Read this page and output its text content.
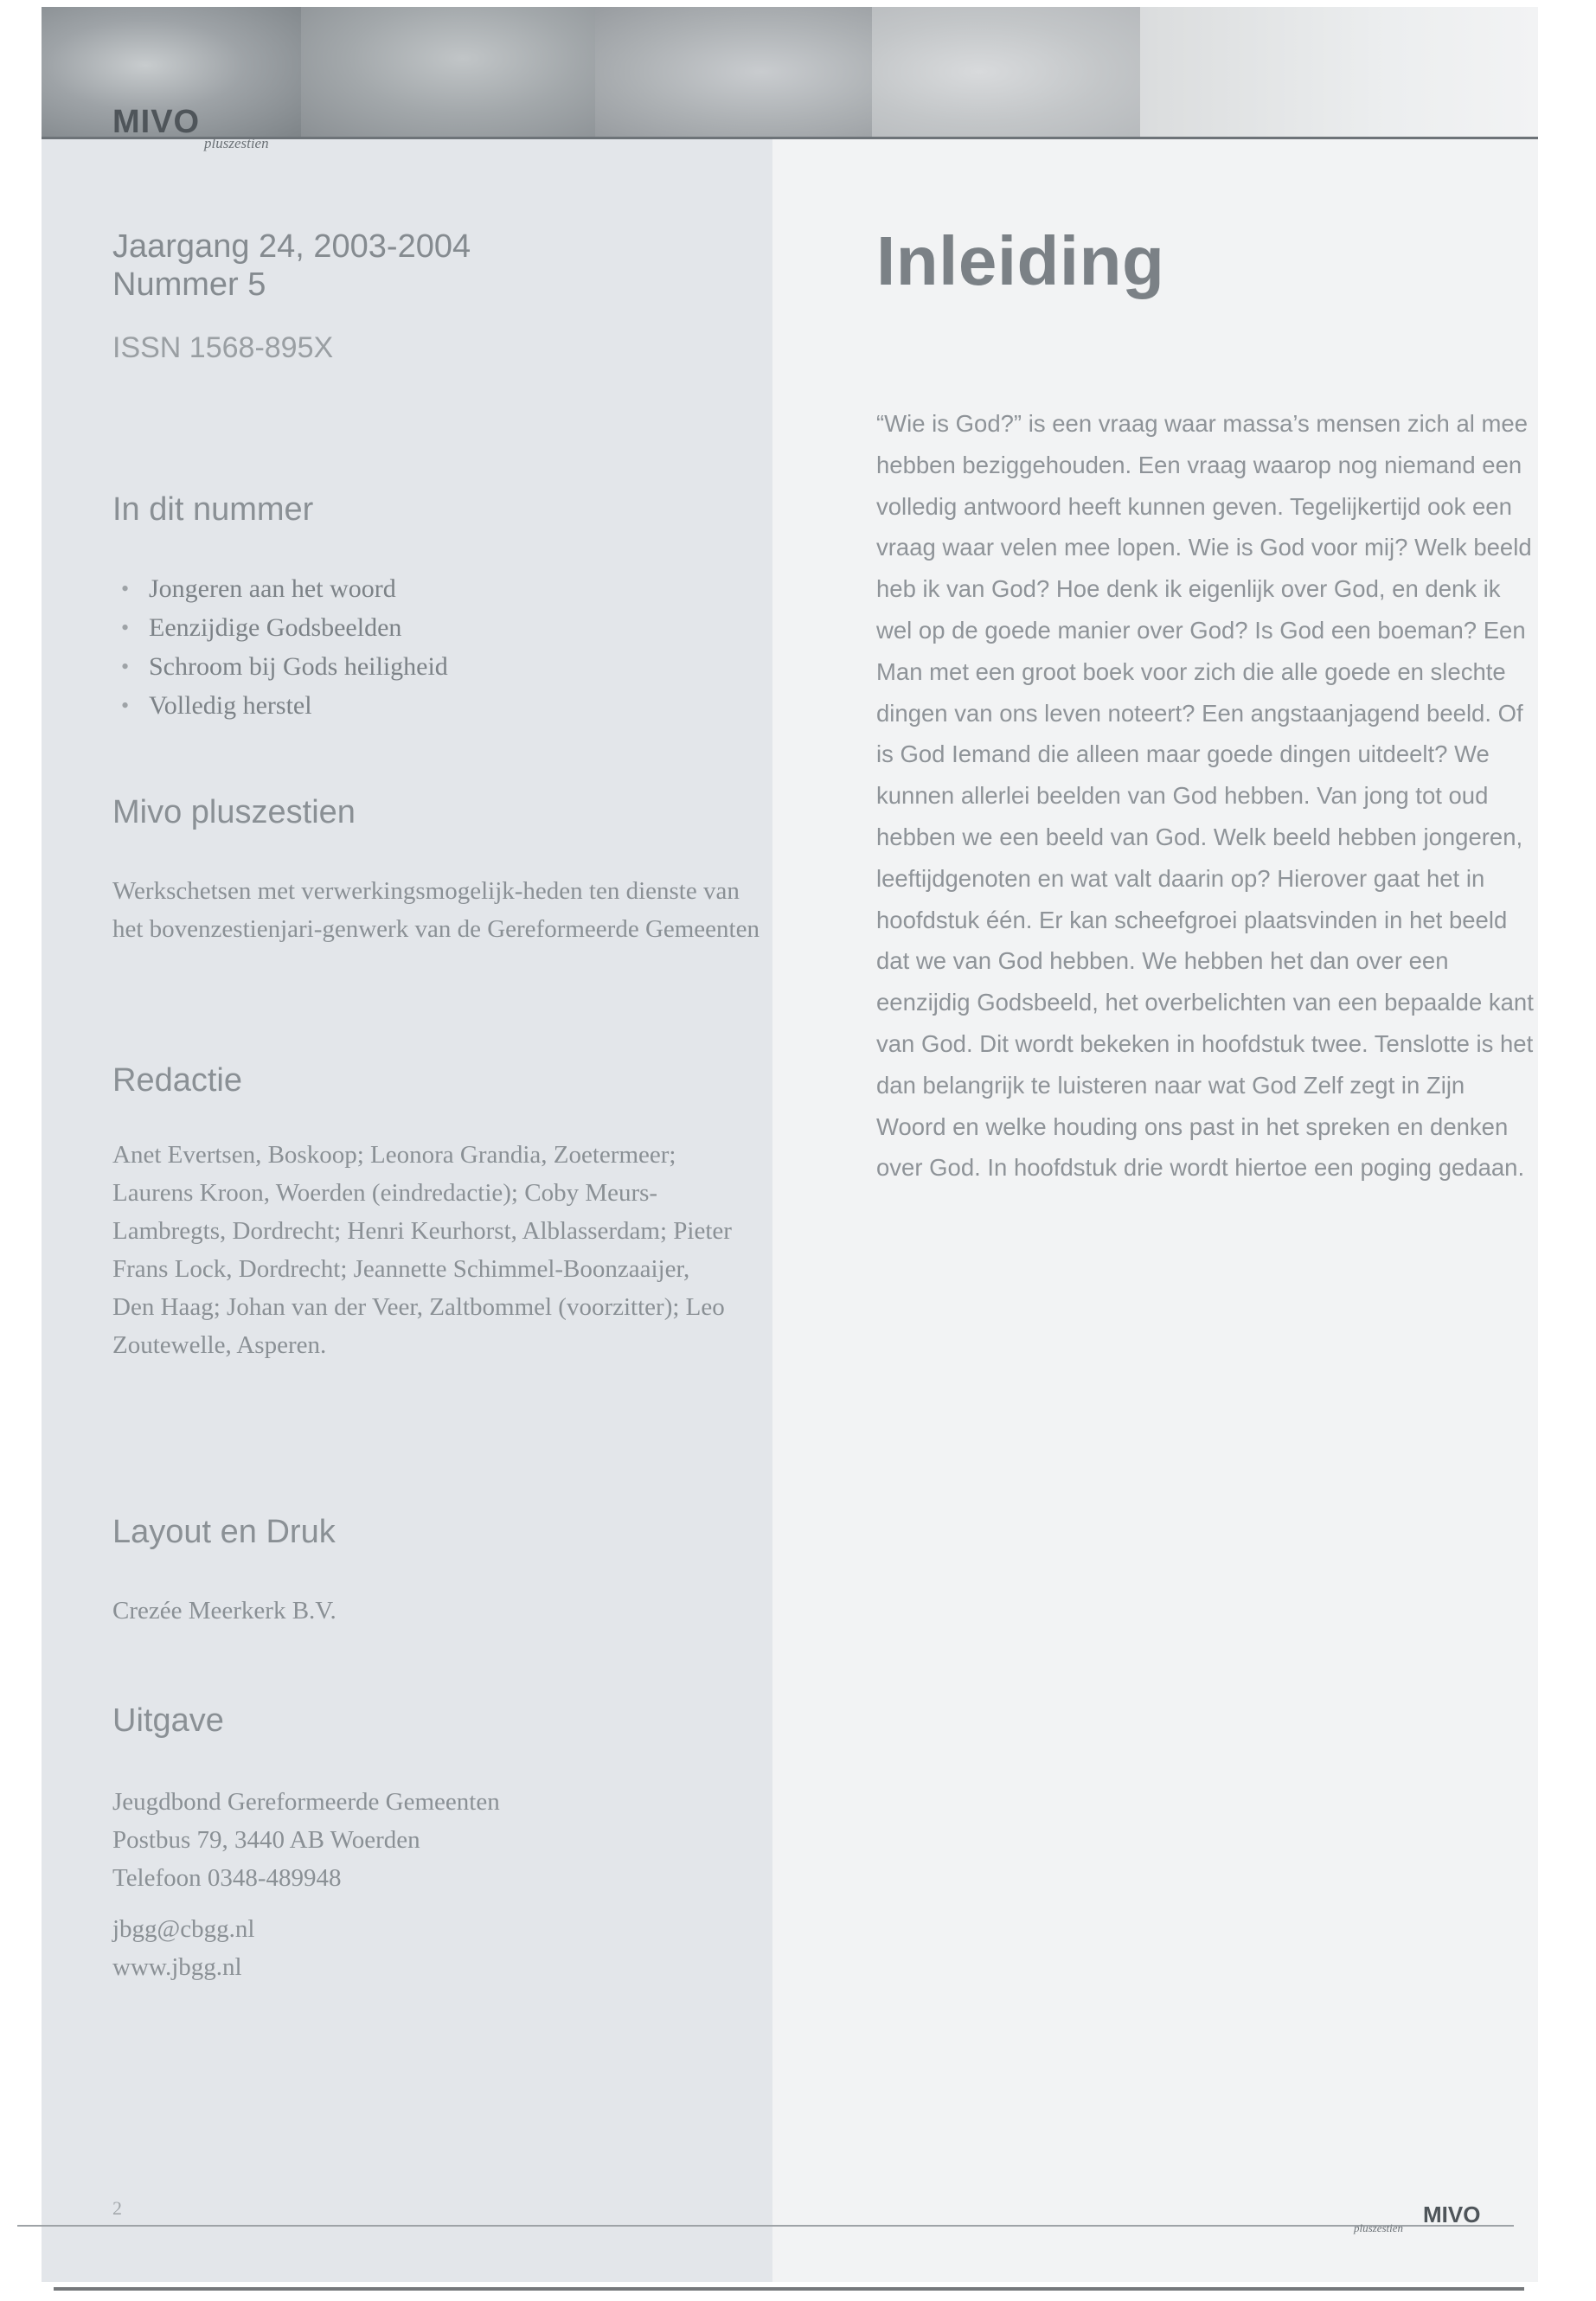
MIVO
pluszestien
Jaargang 24, 2003-2004
Nummer 5
ISSN 1568-895X
In dit nummer
• Jongeren aan het woord
• Eenzijdige Godsbeelden
• Schroom bij Gods heiligheid
• Volledig herstel
Mivo pluszestien
Werkschetsen met verwerkingsmogelijk-heden ten dienste van het bovenzestienjari-genwerk van de Gereformeerde Gemeenten
Redactie
Anet Evertsen, Boskoop; Leonora Grandia, Zoetermeer; Laurens Kroon, Woerden (eindredactie); Coby Meurs-Lambregts, Dordrecht; Henri Keurhorst, Alblasserdam; Pieter Frans Lock, Dordrecht; Jeannette Schimmel-Boonzaaijer, Den Haag; Johan van der Veer, Zaltbommel (voorzitter); Leo Zoutewelle, Asperen.
Layout en Druk
Crezée Meerkerk B.V.
Uitgave
Jeugdbond Gereformeerde Gemeenten
Postbus 79, 3440 AB Woerden
Telefoon 0348-489948
jbgg@cbgg.nl
www.jbgg.nl
Inleiding
“Wie is God?” is een vraag waar massa’s mensen zich al mee hebben beziggehouden. Een vraag waarop nog niemand een volledig antwoord heeft kunnen geven. Tegelijkertijd ook een vraag waar velen mee lopen. Wie is God voor mij? Welk beeld heb ik van God? Hoe denk ik eigenlijk over God, en denk ik wel op de goede manier over God? Is God een boeman? Een Man met een groot boek voor zich die alle goede en slechte dingen van ons leven noteert? Een angstaanjagend beeld. Of is God Iemand die alleen maar goede dingen uitdeelt? We kunnen allerlei beelden van God hebben. Van jong tot oud hebben we een beeld van God. Welk beeld hebben jongeren, leeftijdgenoten en wat valt daarin op? Hierover gaat het in hoofdstuk één. Er kan scheefgroei plaatsvinden in het beeld dat we van God hebben. We hebben het dan over een eenzijdig Godsbeeld, het overbelichten van een bepaalde kant van God. Dit wordt bekeken in hoofdstuk twee. Tenslotte is het dan belangrijk te luisteren naar wat God Zelf zegt in Zijn Woord en welke houding ons past in het spreken en denken over God. In hoofdstuk drie wordt hiertoe een poging gedaan.
2	MIVO
pluszestien
